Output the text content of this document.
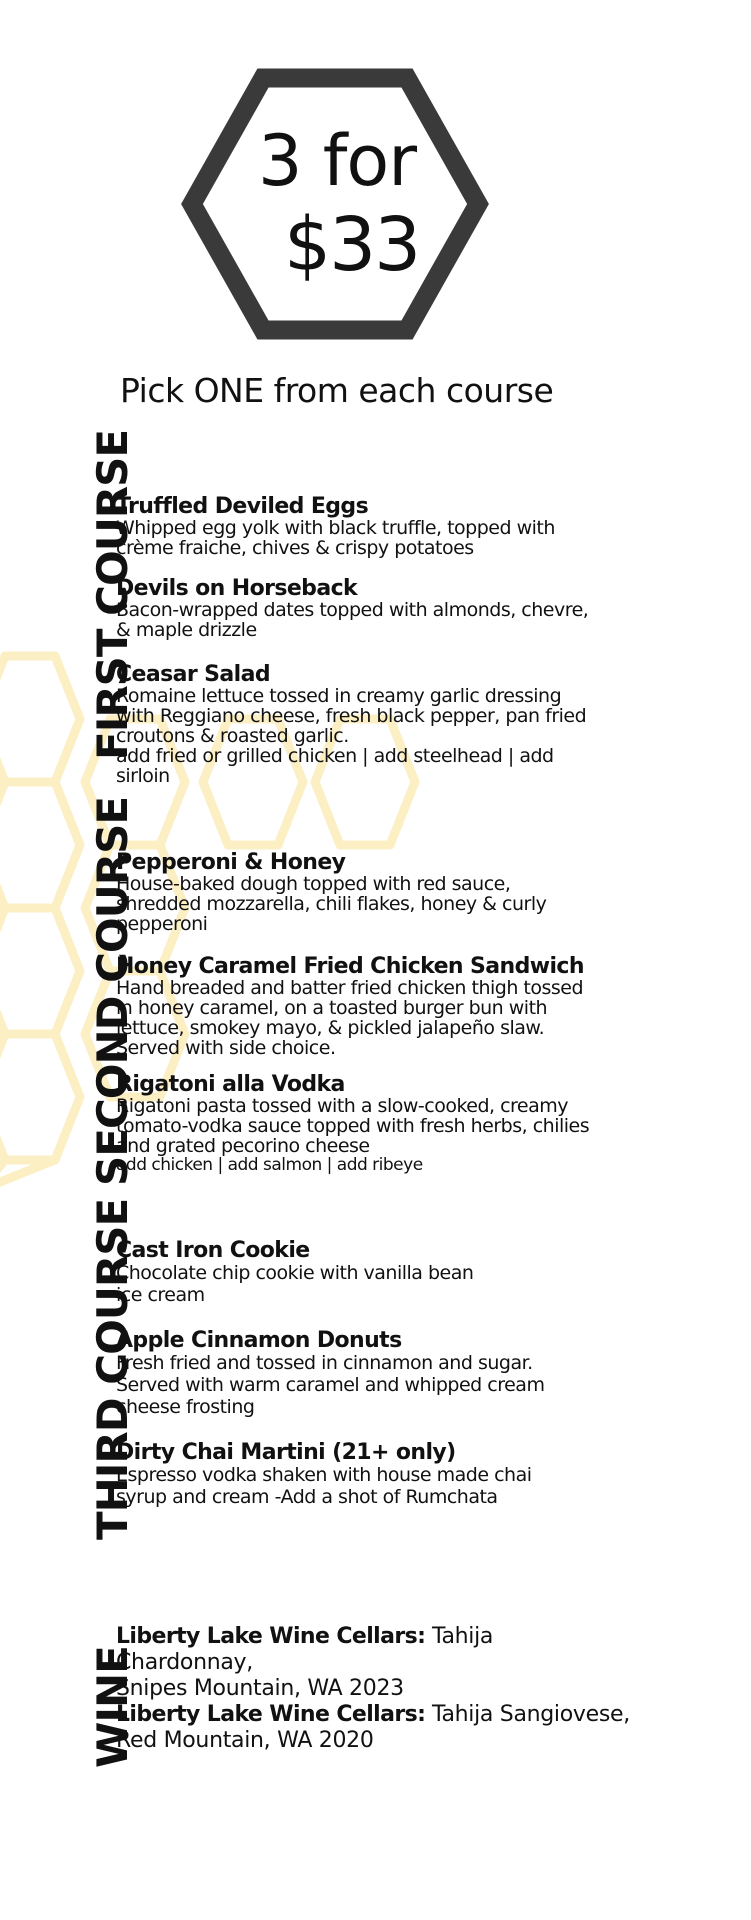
3 for
$33
Pick ONE from each course
FIRST COURSE
Truffled Deviled Eggs
Whipped egg yolk with black truffle, topped with
crème fraiche, chives & crispy potatoes
Devils on Horseback
Bacon-wrapped dates topped with almonds, chevre,
& maple drizzle
Ceasar Salad
Romaine lettuce tossed in creamy garlic dressing
with Reggiano cheese, fresh black pepper, pan fried
croutons & roasted garlic.
add fried or grilled chicken | add steelhead | add
sirloin
SECOND COURSE
Pepperoni & Honey
House-baked dough topped with red sauce,
shredded mozzarella, chili flakes, honey & curly
pepperoni
Honey Caramel Fried Chicken Sandwich
Hand breaded and batter fried chicken thigh tossed
in honey caramel, on a toasted burger bun with
lettuce, smokey mayo, & pickled jalapeño slaw.
Served with side choice.
Rigatoni alla Vodka
Rigatoni pasta tossed with a slow-cooked, creamy
tomato-vodka sauce topped with fresh herbs, chilies
and grated pecorino cheese
add chicken | add salmon | add ribeye
THIRD COURSE
Cast Iron Cookie
Chocolate chip cookie with vanilla bean
ice cream
Apple Cinnamon Donuts
Fresh fried and tossed in cinnamon and sugar.
Served with warm caramel and whipped cream
cheese frosting
Dirty Chai Martini (21+ only)
Espresso vodka shaken with house made chai
syrup and cream -Add a shot of Rumchata
WINE
Liberty Lake Wine Cellars: Tahija
Chardonnay,
Snipes Mountain, WA 2023
Liberty Lake Wine Cellars: Tahija Sangiovese,
Red Mountain, WA 2020
